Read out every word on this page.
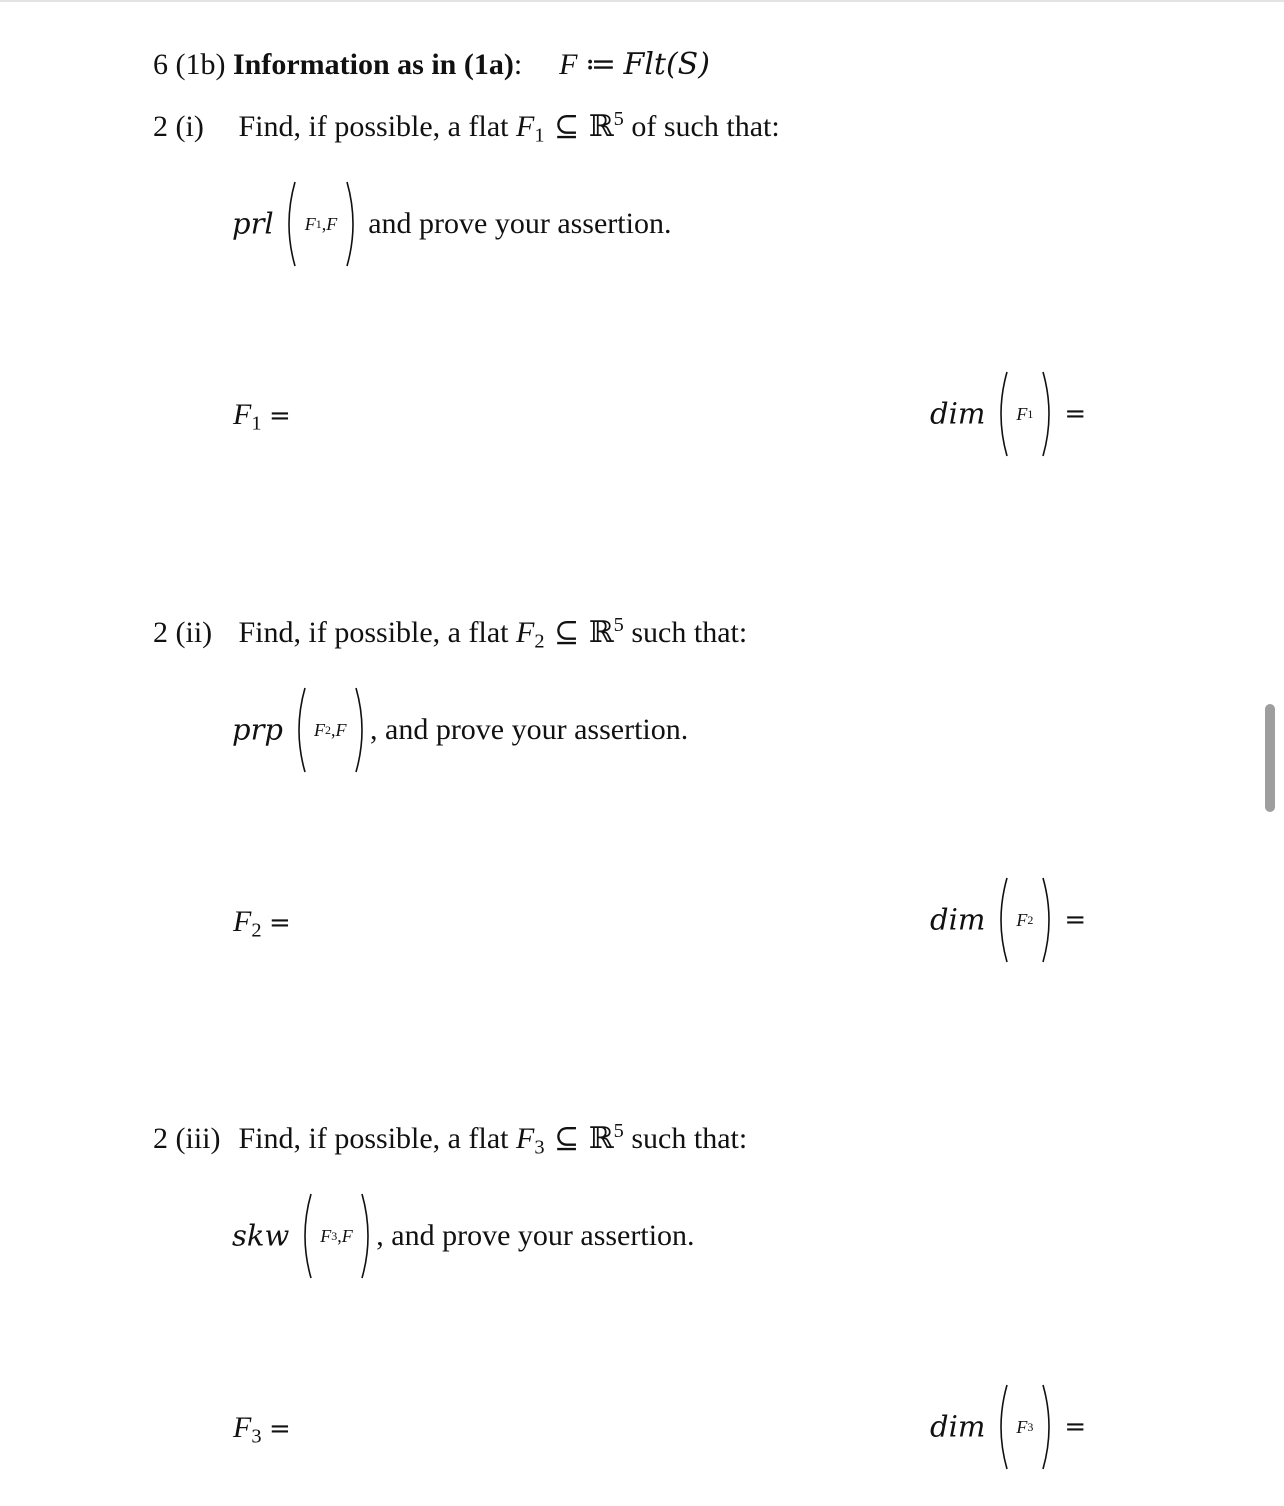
6 (1b) Information as in (1a): F ≔ Flt(S)
2 (i) Find, if possible, a flat $F_1$ ⊆ ℝ$^5$ of such that:
prl F 1 , F and prove your assertion.
$F_1$ =	dim F 1 =
2 (ii) Find, if possible, a flat $F_2$ ⊆ ℝ$^5$ such that:
prp F 2 , F , and prove your assertion.
$F_2$ =	dim F 2 =
2 (iii) Find, if possible, a flat $F_3$ ⊆ ℝ$^5$ such that:
skw F 3 , F , and prove your assertion.
$F_3$ =	dim F 3 =
